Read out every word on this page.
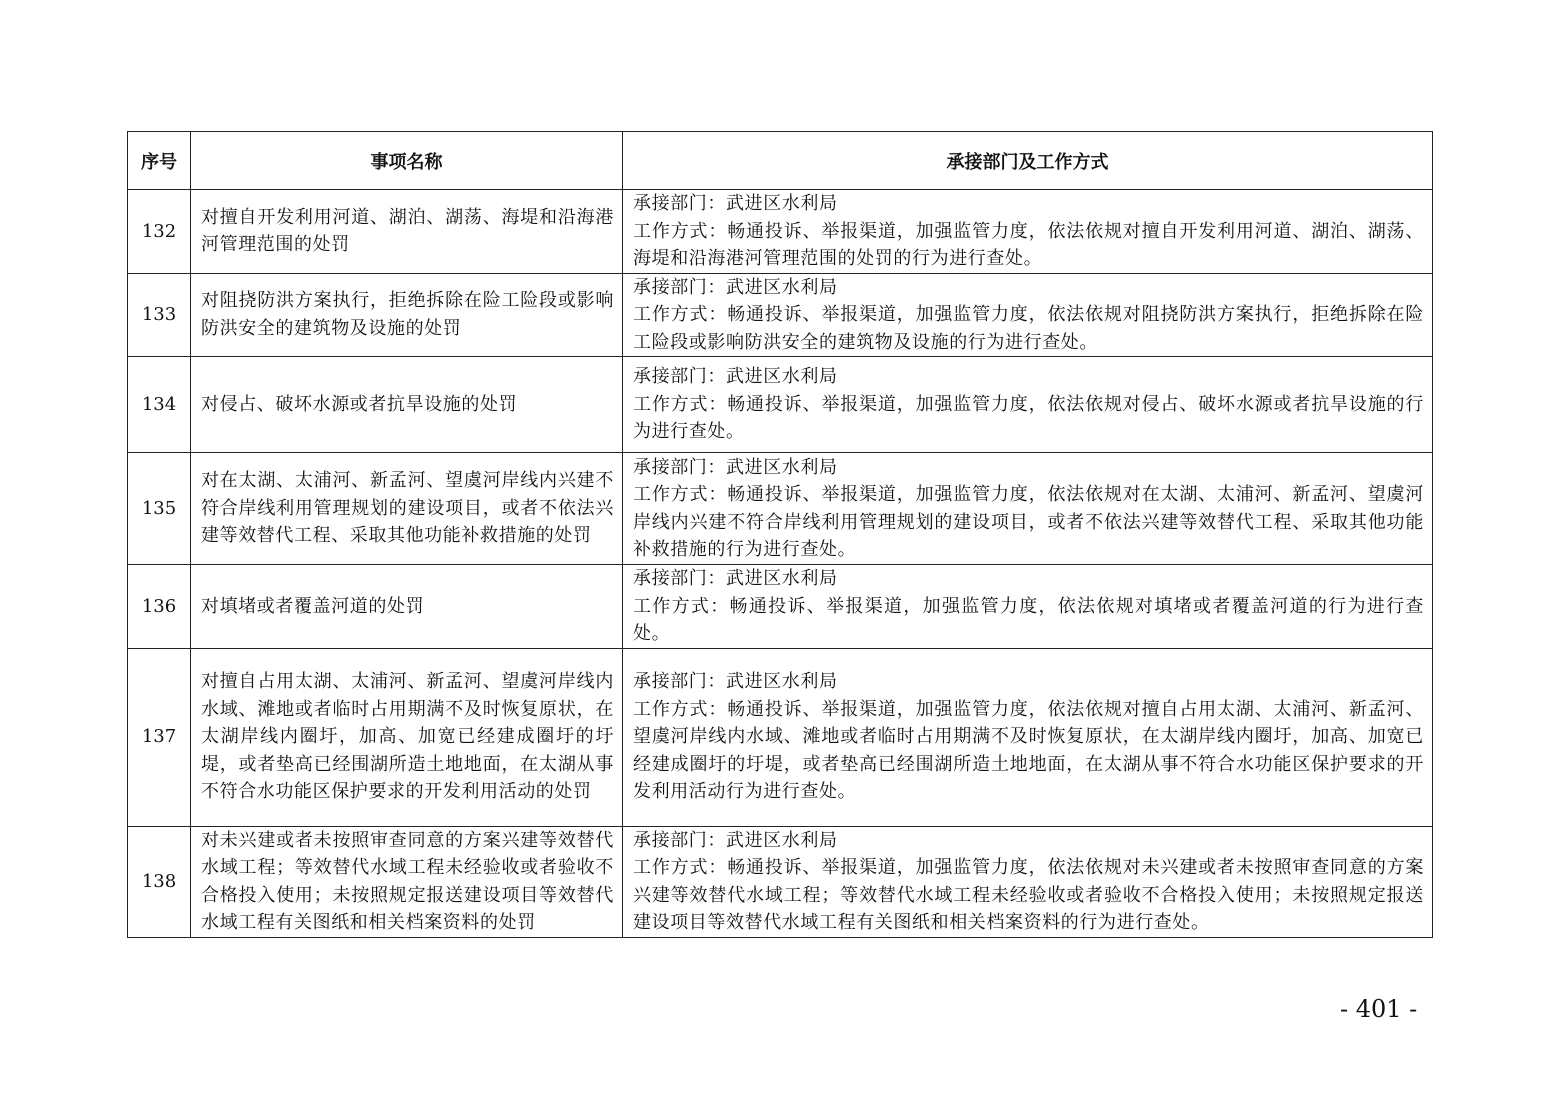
序号	事项名称	承接部门及工作方式
132	对擅自开发利用河道、湖泊、湖荡、海堤和沿海港河管理范围的处罚	承接部门：武进区水利局
工作方式：畅通投诉、举报渠道，加强监管力度，依法依规对擅自开发利用河道、湖泊、湖荡、海堤和沿海港河管理范围的处罚的行为进行查处。

133	对阻挠防洪方案执行，拒绝拆除在险工险段或影响防洪安全的建筑物及设施的处罚	承接部门：武进区水利局
工作方式：畅通投诉、举报渠道，加强监管力度，依法依规对阻挠防洪方案执行，拒绝拆除在险工险段或影响防洪安全的建筑物及设施的行为进行查处。

134	对侵占、破坏水源或者抗旱设施的处罚	承接部门：武进区水利局
工作方式：畅通投诉、举报渠道，加强监管力度，依法依规对侵占、破坏水源或者抗旱设施的行为进行查处。

135	对在太湖、太浦河、新孟河、望虞河岸线内兴建不符合岸线利用管理规划的建设项目，或者不依法兴建等效替代工程、采取其他功能补救措施的处罚	承接部门：武进区水利局
工作方式：畅通投诉、举报渠道，加强监管力度，依法依规对在太湖、太浦河、新孟河、望虞河岸线内兴建不符合岸线利用管理规划的建设项目，或者不依法兴建等效替代工程、采取其他功能补救措施的行为进行查处。

136	对填堵或者覆盖河道的处罚	承接部门：武进区水利局
工作方式：畅通投诉、举报渠道，加强监管力度，依法依规对填堵或者覆盖河道的行为进行查处。

137	对擅自占用太湖、太浦河、新孟河、望虞河岸线内水域、滩地或者临时占用期满不及时恢复原状，在太湖岸线内圈圩，加高、加宽已经建成圈圩的圩堤，或者垫高已经围湖所造土地地面，在太湖从事不符合水功能区保护要求的开发利用活动的处罚	承接部门：武进区水利局
工作方式：畅通投诉、举报渠道，加强监管力度，依法依规对擅自占用太湖、太浦河、新孟河、望虞河岸线内水域、滩地或者临时占用期满不及时恢复原状，在太湖岸线内圈圩，加高、加宽已经建成圈圩的圩堤，或者垫高已经围湖所造土地地面，在太湖从事不符合水功能区保护要求的开发利用活动行为进行查处。

138	对未兴建或者未按照审查同意的方案兴建等效替代水域工程；等效替代水域工程未经验收或者验收不合格投入使用；未按照规定报送建设项目等效替代水域工程有关图纸和相关档案资料的处罚	承接部门：武进区水利局
工作方式：畅通投诉、举报渠道，加强监管力度，依法依规对未兴建或者未按照审查同意的方案兴建等效替代水域工程；等效替代水域工程未经验收或者验收不合格投入使用；未按照规定报送建设项目等效替代水域工程有关图纸和相关档案资料的行为进行查处。
- 401 -
